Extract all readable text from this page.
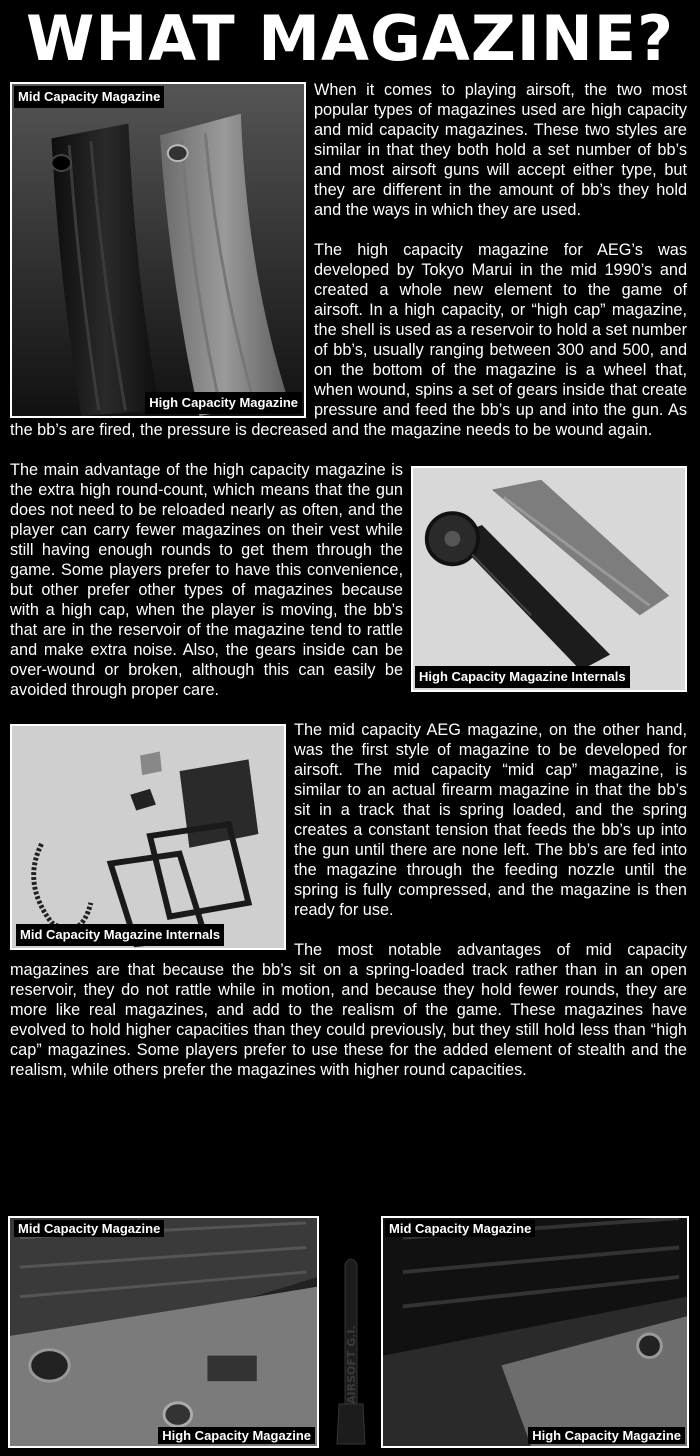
WHAT MAGAZINE?
Mid Capacity Magazine
High Capacity Magazine

When it comes to playing airsoft, the two most popular types of magazines used are high capacity and mid capacity magazines. These two styles are similar in that they both hold a set number of bb’s and most airsoft guns will accept either type, but they are different in the amount of bb’s they hold and the ways in which they are used.

The high capacity magazine for AEG’s was developed by Tokyo Marui in the mid 1990’s and created a whole new element to the game of airsoft. In a high capacity, or “high cap” magazine, the shell is used as a reservoir to hold a set number of bb’s, usually ranging between 300 and 500, and on the bottom of the magazine is a wheel that, when wound, spins a set of gears inside that create pressure and feed the bb’s up and into the gun. As the bb’s are fired, the pressure is decreased and the magazine needs to be wound again.

High Capacity Magazine Internals

The main advantage of the high capacity magazine is the extra high round-count, which means that the gun does not need to be reloaded nearly as often, and the player can carry fewer magazines on their vest while still having enough rounds to get them through the game. Some players prefer to have this convenience, but other prefer other types of magazines because with a high cap, when the player is moving, the bb’s that are in the reservoir of the magazine tend to rattle and make extra noise. Also, the gears inside can be over-wound or broken, although this can easily be avoided through proper care.

Mid Capacity Magazine Internals

The mid capacity AEG magazine, on the other hand, was the first style of magazine to be developed for airsoft. The mid capacity “mid cap” magazine, is similar to an actual firearm magazine in that the bb’s sit in a track that is spring loaded, and the spring creates a constant tension that feeds the bb’s up into the gun until there are none left. The bb’s are fed into the magazine through the feeding nozzle until the spring is fully compressed, and the magazine is then ready for use.

The most notable advantages of mid capacity magazines are that because the bb’s sit on a spring-loaded track rather than in an open reservoir, they do not rattle while in motion, and because they hold fewer rounds, they are more like real magazines, and add to the realism of the game. These magazines have evolved to hold higher capacities than they could previously, but they still hold less than “high cap” magazines. Some players prefer to use these for the added element of stealth and the realism, while others prefer the magazines with higher round capacities.

Mid Capacity Magazine
High Capacity Magazine
AIRSOFT G.I.
Mid Capacity Magazine
High Capacity Magazine
